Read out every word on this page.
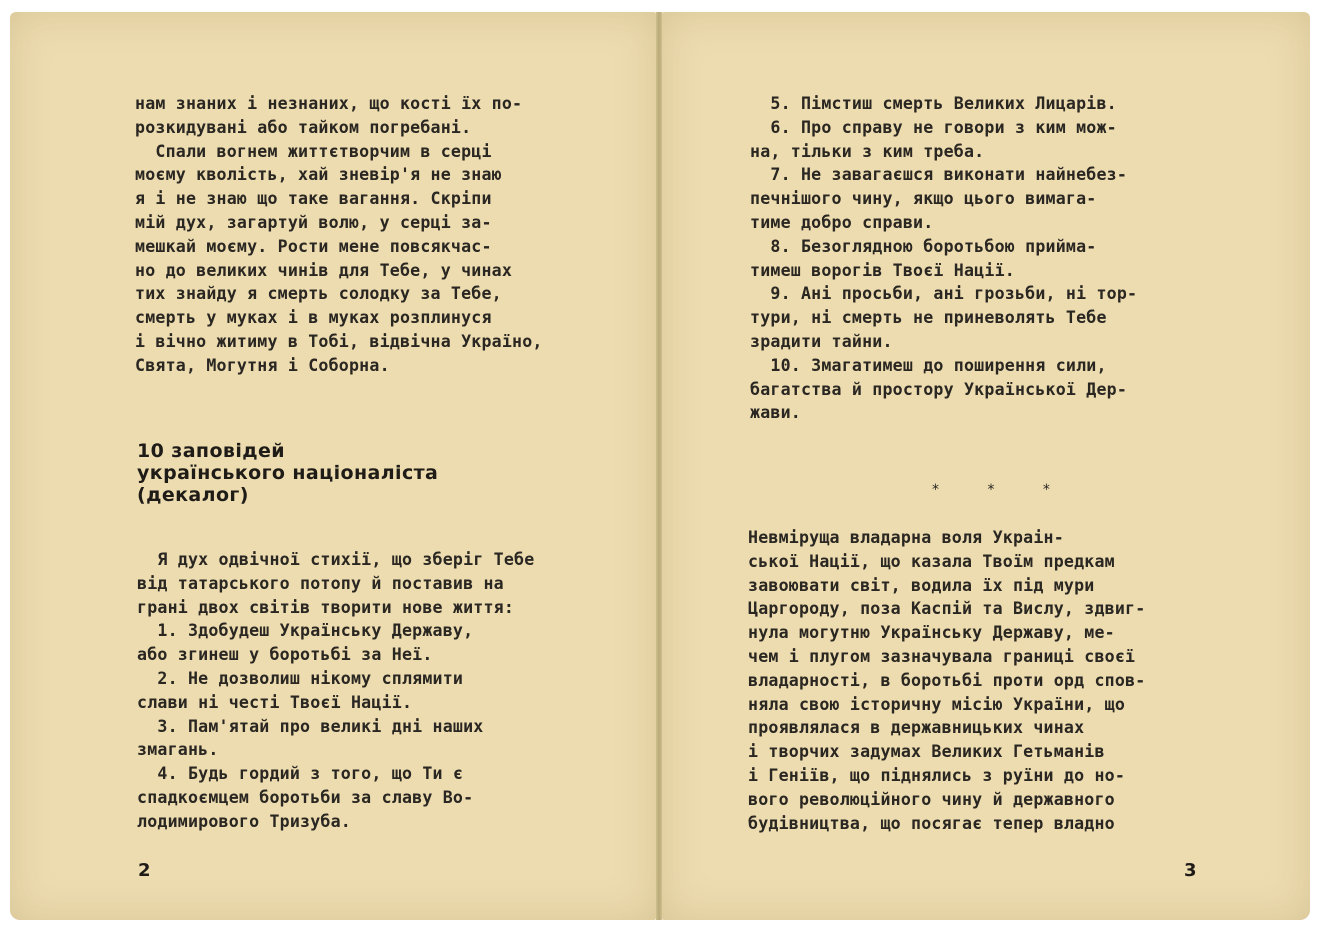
нам знаних і незнаних, що кості їх по-
розкидувані або тайком погребані.
Спали вогнем життєтворчим в серці
моєму кволість, хай зневір'я не знаю
я і не знаю що таке вагання. Скріпи
мій дух, загартуй волю, у серці за-
мешкай моєму. Рости мене повсякчас-
но до великих чинів для Тебе, у чинах
тих знайду я смерть солодку за Тебе,
смерть у муках і в муках розплинуся
і вічно житиму в Тобі, відвічна Україно,
Свята, Могутня і Соборна.
10 заповідей
українського націоналіста
(декалог)
Я дух одвічної стихії, що зберіг Тебе
від татарського потопу й поставив на
грані двох світів творити нове життя:
1. Здобудеш Українську Державу,
або згинеш у боротьбі за Неї.
2. Не дозволиш нікому сплямити
слави ні честі Твоєї Нації.
3. Пам'ятай про великі дні наших
змагань.
4. Будь гордий з того, що Ти є
спадкоємцем боротьби за славу Во-
лодимирового Тризуба.
2
5. Пімстиш смерть Великих Лицарів.
6. Про справу не говори з ким мож-
на, тільки з ким треба.
7. Не завагаєшся виконати найнебез-
печнішого чину, якщо цього вимага-
тиме добро справи.
8. Безоглядною боротьбою прийма-
тимеш ворогів Твоєї Нації.
9. Ані просьби, ані грозьби, ні тор-
тури, ні смерть не приневолять Тебе
зрадити тайни.
10. Змагатимеш до поширення сили,
багатства й простору Української Дер-
жави.
* * *
Невміруща владарна воля Украін-
ської Нації, що казала Твоїм предкам
завоювати світ, водила їх під мури
Царгороду, поза Каспій та Вислу, здвиг-
нула могутню Українську Державу, ме-
чем і плугом зазначувала границі своєї
владарності, в боротьбі проти орд спов-
няла свою історичну місію України, що
проявлялася в державницьких чинах
і творчих задумах Великих Гетьманів
і Геніїв, що піднялись з руїни до но-
вого революційного чину й державного
будівництва, що посягає тепер владно
3
